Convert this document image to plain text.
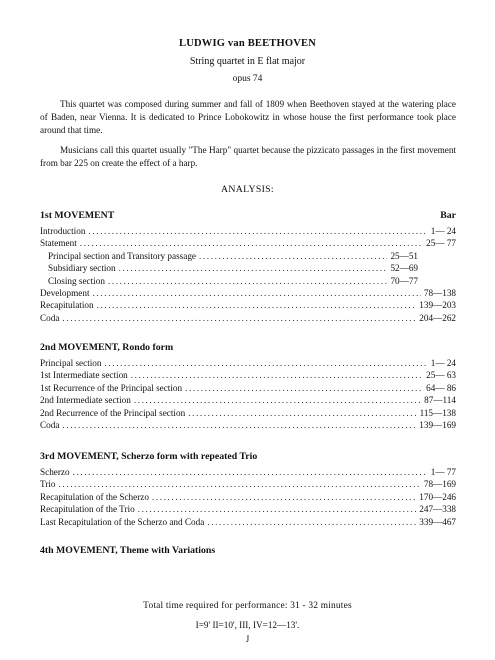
LUDWIG van BEETHOVEN
String quartet in E flat major
opus 74
This quartet was composed during summer and fall of 1809 when Beethoven stayed at the watering place of Baden, near Vienna. It is dedicated to Prince Lobokowitz in whose house the first performance took place around that time.
Musicians call this quartet usually "The Harp" quartet because the pizzicato passages in the first movement from bar 225 on create the effect of a harp.
ANALYSIS:
1st MOVEMENT	Bar
Introduction .....	1— 24
Statement .....	25— 77
Principal section and Transitory passage .....	25—51
Subsidiary section .....	52—69
Closing section .....	70—77
Development .....	78—138
Recapitulation .....	139—203
Coda .....	204—262
2nd MOVEMENT, Rondo form
Principal section .....	1— 24
1st Intermediate section .....	25— 63
1st Recurrence of the Principal section .....	64— 86
2nd Intermediate section .....	87—114
2nd Recurrence of the Principal section .....	115—138
Coda .....	139—169
3rd MOVEMENT, Scherzo form with repeated Trio
Scherzo .....	1— 77
Trio .....	78—169
Recapitulation of the Scherzo .....	170—246
Recapitulation of the Trio .....	247—338
Last Recapitulation of the Scherzo and Coda .....	339—467
4th MOVEMENT, Theme with Variations
Total time required for performance: 31 - 32 minutes
I=9' II=10', III, IV=12—13'.
J
